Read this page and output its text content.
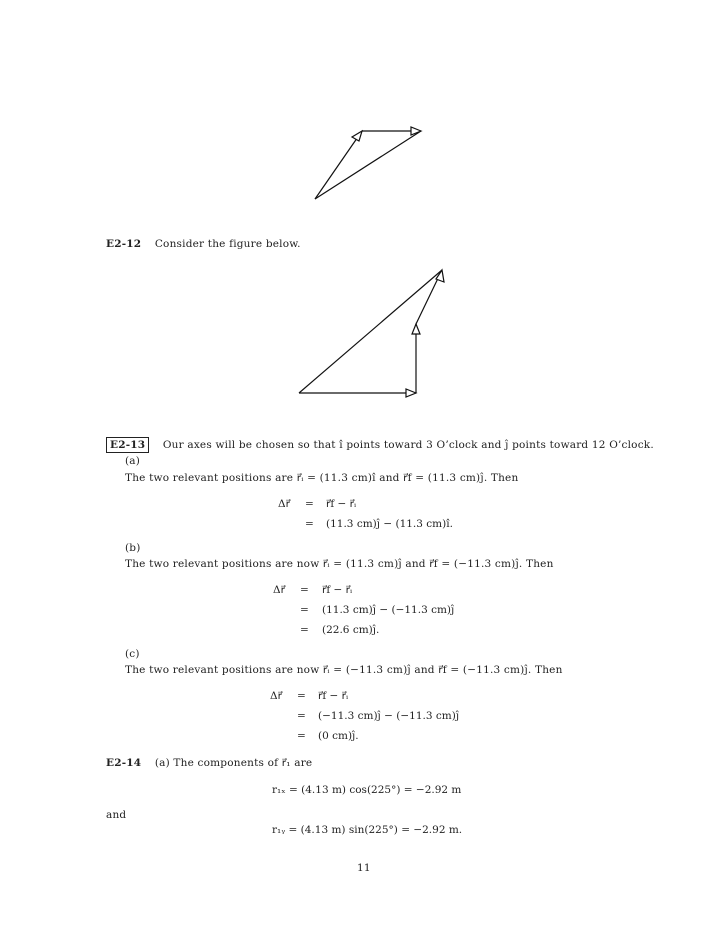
E2-12 Consider the figure below.
E2-13 Our axes will be chosen so that î points toward 3 O’clock and ĵ points toward 12 O’clock.
(a)
The two relevant positions are r⃗ᵢ = (11.3 cm)î and r⃗f = (11.3 cm)ĵ. Then
Δr⃗ = r⃗f − r⃗ᵢ
= (11.3 cm)ĵ − (11.3 cm)î.
(b)
The two relevant positions are now r⃗ᵢ = (11.3 cm)ĵ and r⃗f = (−11.3 cm)ĵ. Then
Δr⃗ = r⃗f − r⃗ᵢ
= (11.3 cm)ĵ − (−11.3 cm)ĵ
= (22.6 cm)ĵ.
(c)
The two relevant positions are now r⃗ᵢ = (−11.3 cm)ĵ and r⃗f = (−11.3 cm)ĵ. Then
Δr⃗ = r⃗f − r⃗ᵢ
= (−11.3 cm)ĵ − (−11.3 cm)ĵ
= (0 cm)ĵ.
E2-14 (a) The components of r⃗₁ are
r₁ₓ = (4.13 m) cos(225°) = −2.92 m
and
r₁ᵧ = (4.13 m) sin(225°) = −2.92 m.
11
